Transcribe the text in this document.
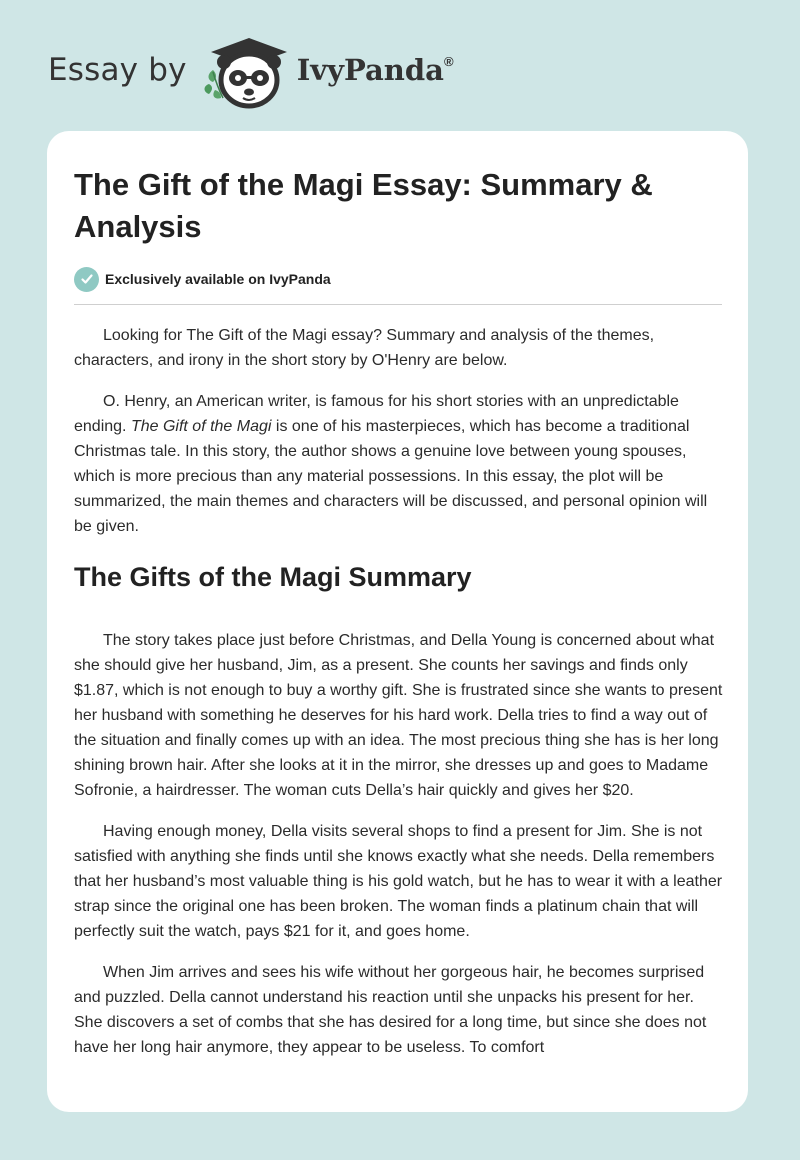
Essay by	IvyPanda®
The Gift of the Magi Essay: Summary & Analysis
Exclusively available on IvyPanda

Looking for The Gift of the Magi essay? Summary and analysis of the themes, characters, and irony in the short story by O'Henry are below.

O. Henry, an American writer, is famous for his short stories with an unpredictable ending. The Gift of the Magi is one of his masterpieces, which has become a traditional Christmas tale. In this story, the author shows a genuine love between young spouses, which is more precious than any material possessions. In this essay, the plot will be summarized, the main themes and characters will be discussed, and personal opinion will be given.

The Gifts of the Magi Summary

The story takes place just before Christmas, and Della Young is concerned about what she should give her husband, Jim, as a present. She counts her savings and finds only $1.87, which is not enough to buy a worthy gift. She is frustrated since she wants to present her husband with something he deserves for his hard work. Della tries to find a way out of the situation and finally comes up with an idea. The most precious thing she has is her long shining brown hair. After she looks at it in the mirror, she dresses up and goes to Madame Sofronie, a hairdresser. The woman cuts Della’s hair quickly and gives her $20.

Having enough money, Della visits several shops to find a present for Jim. She is not satisfied with anything she finds until she knows exactly what she needs. Della remembers that her husband’s most valuable thing is his gold watch, but he has to wear it with a leather strap since the original one has been broken. The woman finds a platinum chain that will perfectly suit the watch, pays $21 for it, and goes home.

When Jim arrives and sees his wife without her gorgeous hair, he becomes surprised and puzzled. Della cannot understand his reaction until she unpacks his present for her. She discovers a set of combs that she has desired for a long time, but since she does not have her long hair anymore, they appear to be useless. To comfort
